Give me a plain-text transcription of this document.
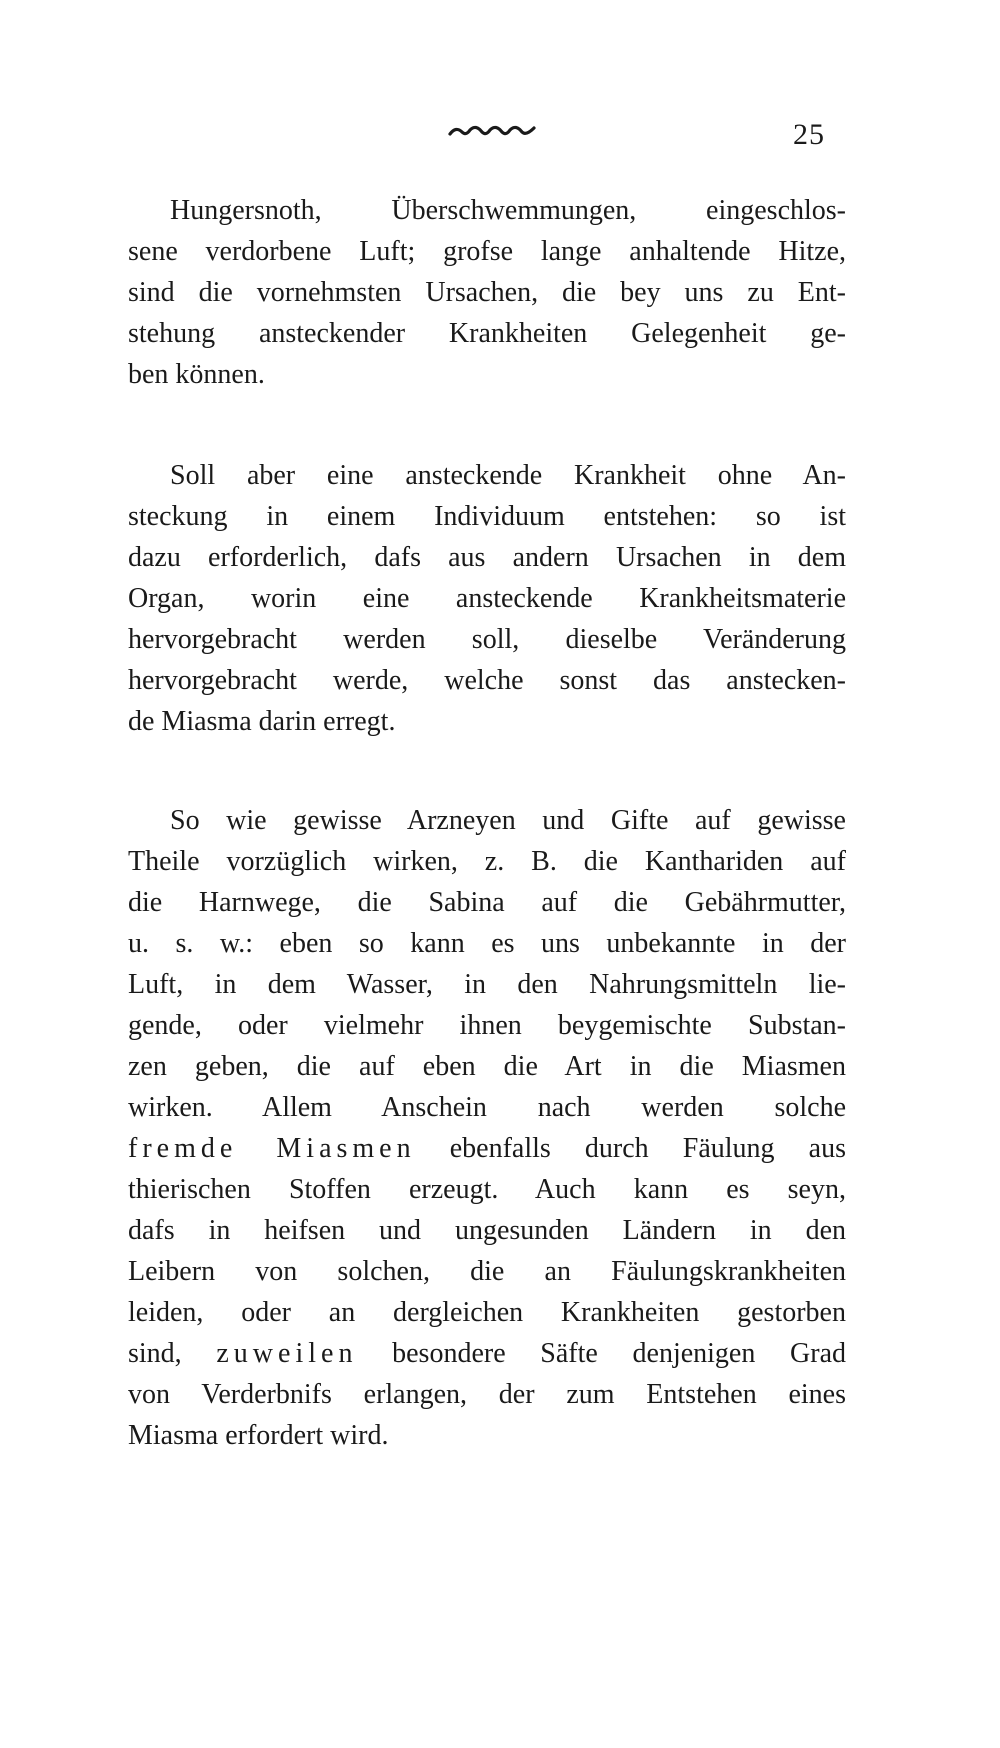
25
Hungersnoth, Überschwemmungen, eingeschlos-
sene verdorbene Luft; grofse lange anhaltende Hitze,
sind die vornehmsten Ursachen, die bey uns zu Ent-
stehung ansteckender Krankheiten Gelegenheit ge-
ben können.
Soll aber eine ansteckende Krankheit ohne An-
steckung in einem Individuum entstehen: so ist
dazu erforderlich, dafs aus andern Ursachen in dem
Organ, worin eine ansteckende Krankheitsmaterie
hervorgebracht werden soll, dieselbe Veränderung
hervorgebracht werde, welche sonst das anstecken-
de Miasma darin erregt.
So wie gewisse Arzneyen und Gifte auf gewisse
Theile vorzüglich wirken, z. B. die Kanthariden auf
die Harnwege, die Sabina auf die Gebährmutter,
u. s. w.: eben so kann es uns unbekannte in der
Luft, in dem Wasser, in den Nahrungsmitteln lie-
gende, oder vielmehr ihnen beygemischte Substan-
zen geben, die auf eben die Art in die Miasmen
wirken. Allem Anschein nach werden solche
fremde Miasmen ebenfalls durch Fäulung aus
thierischen Stoffen erzeugt. Auch kann es seyn,
dafs in heifsen und ungesunden Ländern in den
Leibern von solchen, die an Fäulungskrankheiten
leiden, oder an dergleichen Krankheiten gestorben
sind, zuweilen besondere Säfte denjenigen Grad
von Verderbnifs erlangen, der zum Entstehen eines
Miasma erfordert wird.
